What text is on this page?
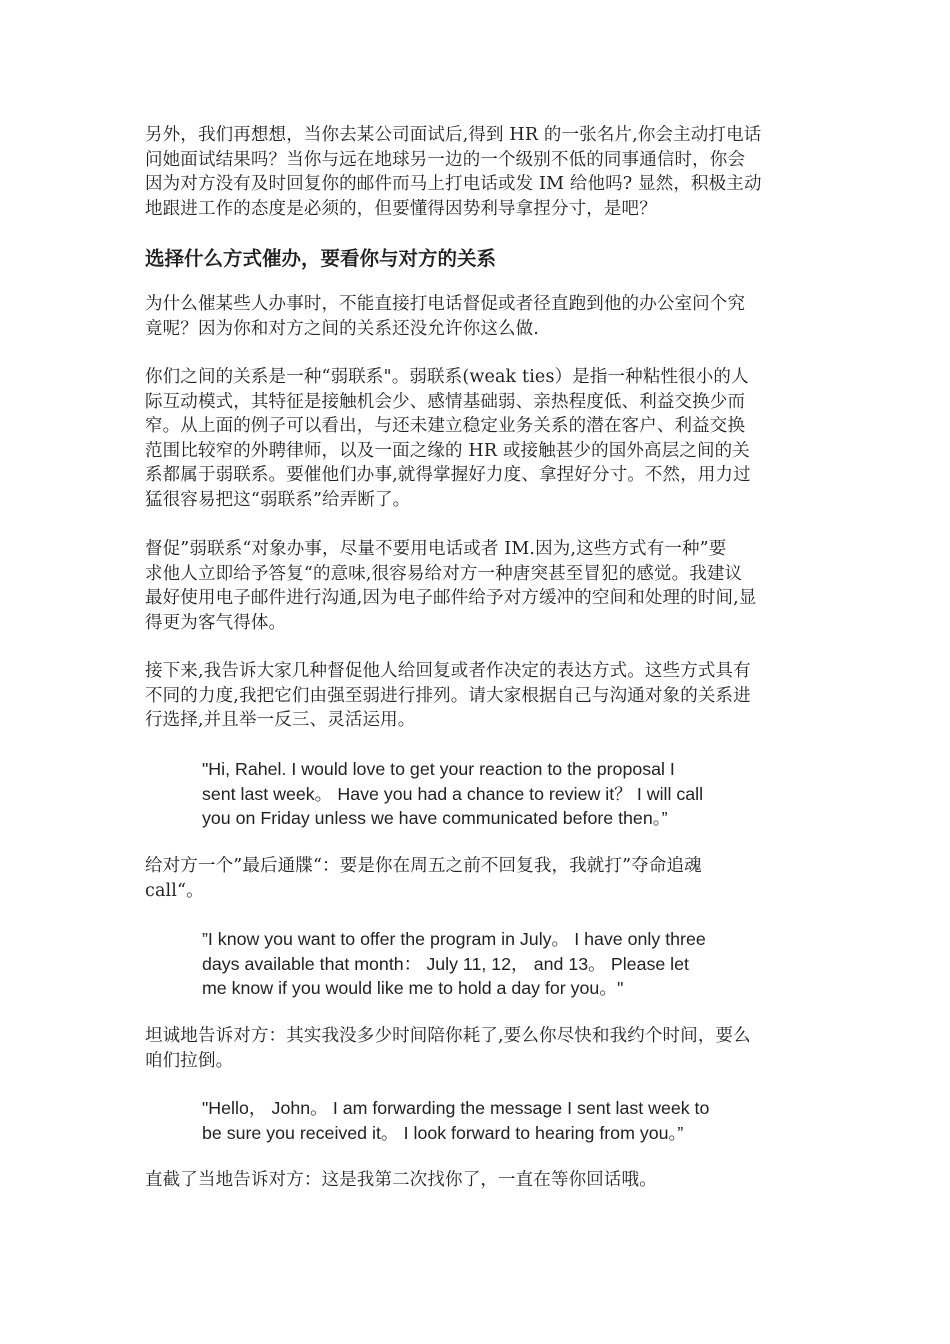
另外，我们再想想，当你去某公司面试后,得到 HR 的一张名片,你会主动打电话
问她面试结果吗？当你与远在地球另一边的一个级别不低的同事通信时，你会
因为对方没有及时回复你的邮件而马上打电话或发 IM 给他吗? 显然，积极主动
地跟进工作的态度是必须的，但要懂得因势利导拿捏分寸，是吧？
选择什么方式催办，要看你与对方的关系
为什么催某些人办事时，不能直接打电话督促或者径直跑到他的办公室问个究
竟呢？因为你和对方之间的关系还没允许你这么做.
你们之间的关系是一种“弱联系"。弱联系(weak ties）是指一种粘性很小的人
际互动模式，其特征是接触机会少、感情基础弱、亲热程度低、利益交换少而
窄。从上面的例子可以看出，与还未建立稳定业务关系的潜在客户、利益交换
范围比较窄的外聘律师，以及一面之缘的 HR 或接触甚少的国外高层之间的关
系都属于弱联系。要催他们办事,就得掌握好力度、拿捏好分寸。不然，用力过
猛很容易把这“弱联系”给弄断了。
督促”弱联系“对象办事，尽量不要用电话或者 IM.因为,这些方式有一种”要
求他人立即给予答复“的意味,很容易给对方一种唐突甚至冒犯的感觉。我建议
最好使用电子邮件进行沟通,因为电子邮件给予对方缓冲的空间和处理的时间,显
得更为客气得体。
接下来,我告诉大家几种督促他人给回复或者作决定的表达方式。这些方式具有
不同的力度,我把它们由强至弱进行排列。请大家根据自己与沟通对象的关系进
行选择,并且举一反三、灵活运用。
"Hi, Rahel. I would love to get your reaction to the proposal I
sent last week。 Have you had a chance to review it？ I will call
you on Friday unless we have communicated before then。”
给对方一个”最后通牒“：要是你在周五之前不回复我，我就打”夺命追魂
call“。
”I know you want to offer the program in July。 I have only three
days available that month： July 11, 12， and 13。 Please let
me know if you would like me to hold a day for you。"
坦诚地告诉对方：其实我没多少时间陪你耗了,要么你尽快和我约个时间，要么
咱们拉倒。
"Hello， John。 I am forwarding the message I sent last week to
be sure you received it。 I look forward to hearing from you。”
直截了当地告诉对方：这是我第二次找你了，一直在等你回话哦。
